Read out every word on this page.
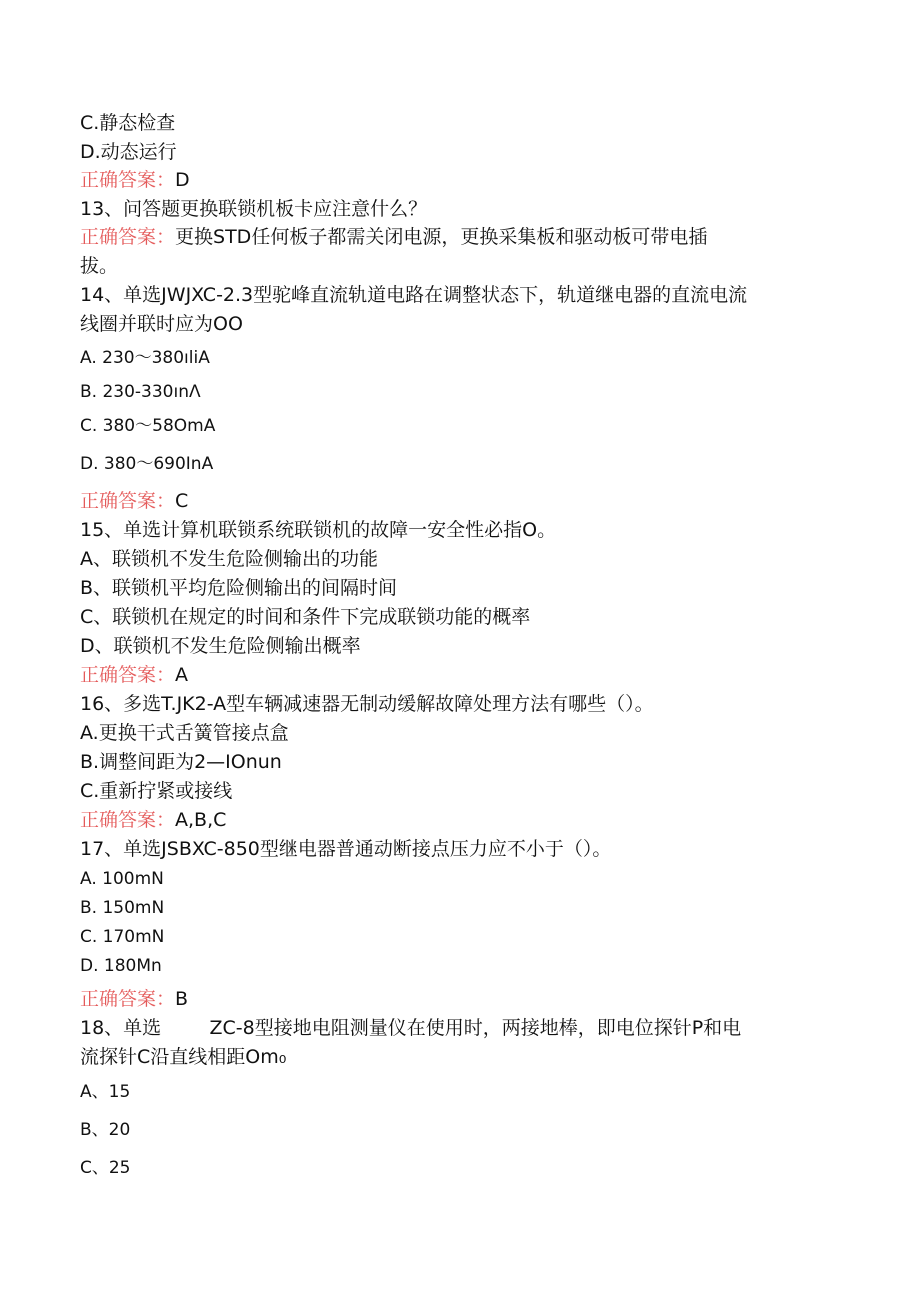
C.静态检查
D.动态运行
正确答案：D
13、问答题更换联锁机板卡应注意什么？
正确答案：更换STD任何板子都需关闭电源，更换采集板和驱动板可带电插
拔。
14、单选JWJXC-2.3型驼峰直流轨道电路在调整状态下，轨道继电器的直流电流
线圈并联时应为OO
A. 230～380ıliA
B. 230-330ınΛ
C. 380～58OmA
D. 380～690InA
正确答案：C
15、单选计算机联锁系统联锁机的故障一安全性必指O。
A、联锁机不发生危险侧输出的功能
B、联锁机平均危险侧输出的间隔时间
C、联锁机在规定的时间和条件下完成联锁功能的概率
D、联锁机不发生危险侧输出概率
正确答案：A
16、多选T.JK2-A型车辆减速器无制动缓解故障处理方法有哪些（）。
A.更换干式舌簧管接点盒
B.调整间距为2—IOnun
C.重新拧紧或接线
正确答案：A,B,C
17、单选JSBXC-850型继电器普通动断接点压力应不小于（）。
A. 100mN
B. 150mN
C. 170mN
D. 180Mn
正确答案：B
18、单选        ZC-8型接地电阻测量仪在使用时，两接地棒，即电位探针P和电
流探针C沿直线相距Om₀
A、15
B、20
C、25
